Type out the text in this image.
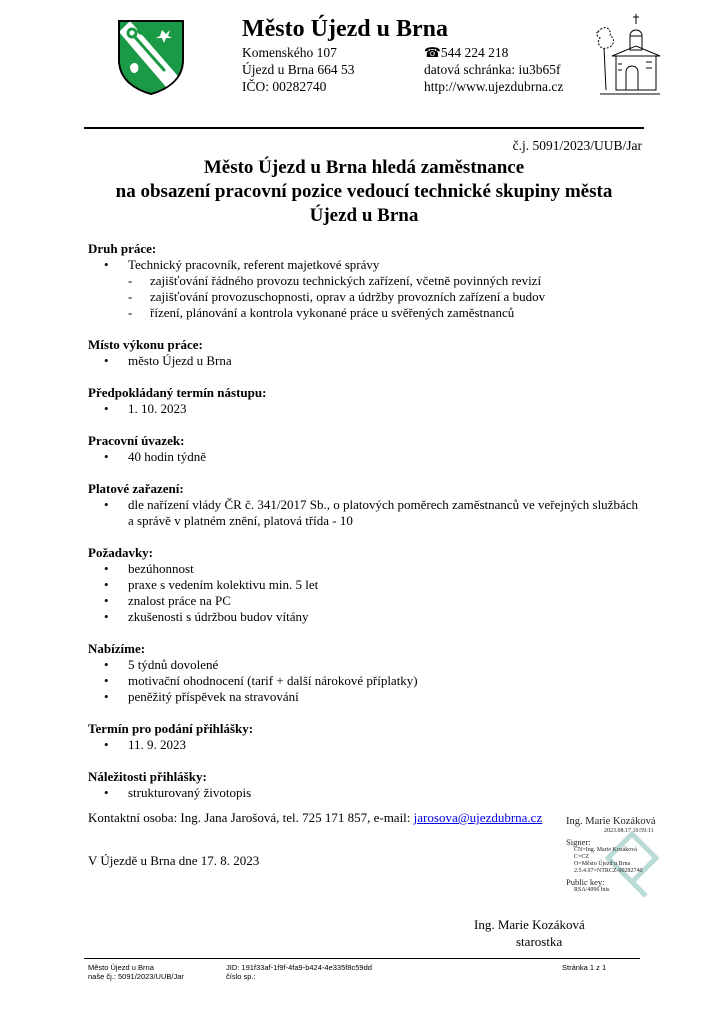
Město Újezd u Brna
Komenského 107
Újezd u Brna 664 53
IČO: 00282740
☎544 224 218
datová schránka: iu3b65f
http://www.ujezdubrna.cz
č.j. 5091/2023/UUB/Jar
Město Újezd u Brna hledá zaměstnance
na obsazení pracovní pozice vedoucí technické skupiny města
Újezd u Brna
Druh práce:
• Technický pracovník, referent majetkové správy
- zajišťování řádného provozu technických zařízení, včetně povinných revizí
- zajišťování provozuschopnosti, oprav a údržby provozních zařízení a budov
- řízení, plánování a kontrola vykonané práce u svěřených zaměstnanců
Místo výkonu práce:
• město Újezd u Brna
Předpokládaný termín nástupu:
• 1. 10. 2023
Pracovní úvazek:
• 40 hodin týdně
Platové zařazení:
• dle nařízení vlády ČR č. 341/2017 Sb., o platových poměrech zaměstnanců ve veřejných službách a správě v platném znění, platová třída - 10
Požadavky:
• bezúhonnost
• praxe s vedením kolektivu min. 5 let
• znalost práce na PC
• zkušenosti s údržbou budov vítány
Nabízíme:
• 5 týdnů dovolené
• motivační ohodnocení (tarif + další nárokové příplatky)
• peněžitý příspěvek na stravování
Termín pro podání přihlášky:
• 11. 9. 2023
Náležitosti přihlášky:
• strukturovaný životopis
Kontaktní osoba: Ing. Jana Jarošová, tel. 725 171 857, e-mail: jarosova@ujezdubrna.cz
V Újezdě u Brna dne 17. 8. 2023
Ing. Marie Kozáková
2023.08.17 10:59:11
Signer:
CN=Ing. Marie Kozáková
C=CZ
O=Město Újezd u Brna
2.5.4.97=NTRCZ-00282740
Public key:
RSA/4096 bits
Ing. Marie Kozáková
starostka
Město Újezd u Brna
naše čj.: 5091/2023/UUB/Jar
JID: 191f33af-1f9f-4fa9-b424-4e335f8c59dd
číslo sp.:
Stránka 1 z 1
